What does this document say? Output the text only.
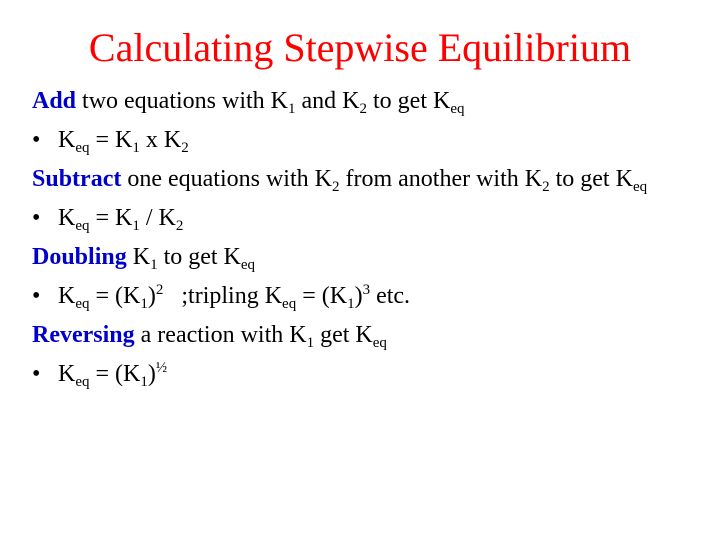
Calculating Stepwise Equilibrium
Add two equations with $K_1$ and $K_2$ to get $K_{eq}$
• $K_{eq} = K_1$ x $K_2$
Subtract one equations with $K_2$ from another with $K_2$ to get $K_{eq}$
• $K_{eq} = K_1 / K_2$
Doubling $K_1$ to get $K_{eq}$
• $K_{eq} = (K_1)^2$ ;tripling $K_{eq} = (K_1)^3$ etc.
Reversing a reaction with $K_1$ get $K_{eq}$
• $K_{eq} = (K_1)^{\frac{1}{2}}$
